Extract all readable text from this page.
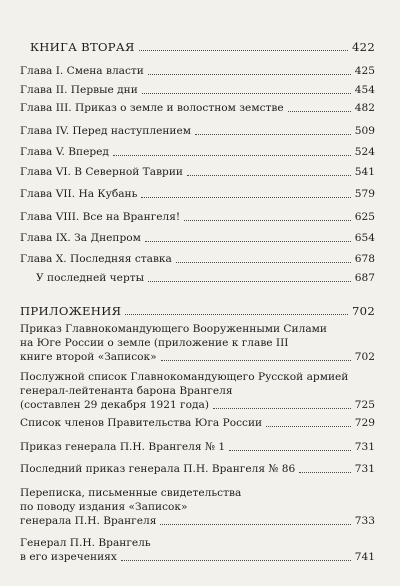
КНИГА ВТОРАЯ	422
Глава I. Смена власти	425
Глава II. Первые дни	454
Глава III. Приказ о земле и волостном земстве	482
Глава IV. Перед наступлением	509
Глава V. Вперед	524
Глава VI. В Северной Таврии	541
Глава VII. На Кубань	579
Глава VIII. Все на Врангеля!	625
Глава IX. За Днепром	654
Глава X. Последняя ставка	678
У последней черты	687
ПРИЛОЖЕНИЯ	702
Приказ Главнокомандующего Вооруженными Силами
на Юге России о земле (приложение к главе III
книге второй «Записок»	702
Послужной список Главнокомандующего Русской армией
генерал-лейтенанта барона Врангеля
(составлен 29 декабря 1921 года)	725
Список членов Правительства Юга России	729
Приказ генерала П.Н. Врангеля № 1	731
Последний приказ генерала П.Н. Врангеля № 86	731
Переписка, письменные свидетельства
по поводу издания «Записок»
генерала П.Н. Врангеля	733
Генерал П.Н. Врангель
в его изречениях	741
